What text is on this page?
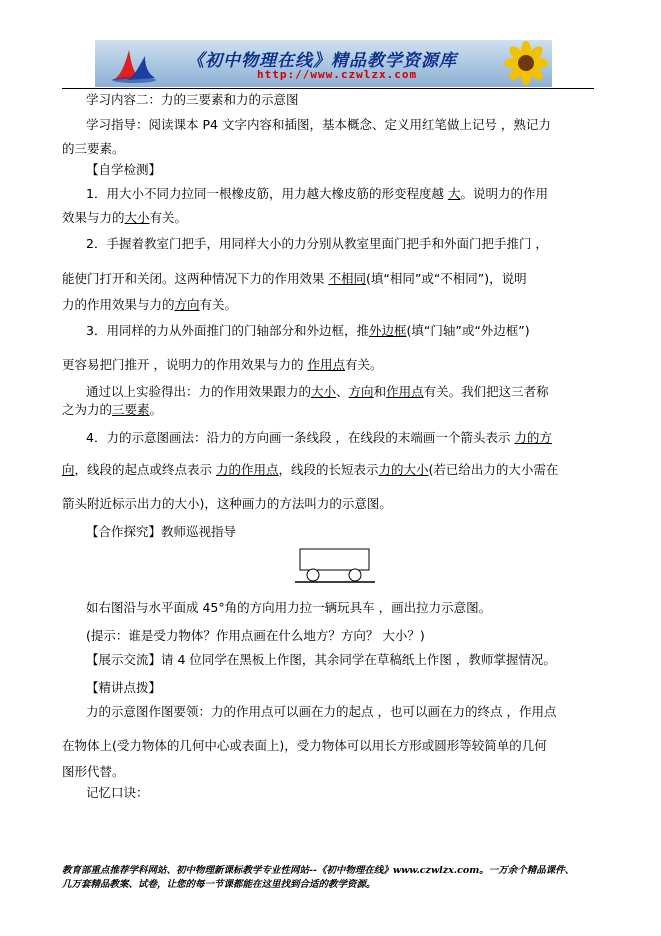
《初中物理在线》精品教学资源库
http://www.czwlzx.com
学习内容二：力的三要素和力的示意图
学习指导：阅读课本 P4 文字内容和插图，基本概念、定义用红笔做上记号 ，熟记力
的三要素。
【自学检测】
1．用大小不同力拉同一根橡皮筋，用力越大橡皮筋的形变程度越 大。说明力的作用
效果与力的大小有关。
2．手握着教室门把手，用同样大小的力分别从教室里面门把手和外面门把手推门 ，
能使门打开和关闭。这两种情况下力的作用效果 不相同(填“相同”或“不相同”)，说明
力的作用效果与力的方向有关。
3．用同样的力从外面推门的门轴部分和外边框，推外边框(填“门轴”或“外边框”)
更容易把门推开 ，说明力的作用效果与力的 作用点有关。
通过以上实验得出：力的作用效果跟力的大小、方向和作用点有关。我们把这三者称
之为力的三要素。
4．力的示意图画法：沿力的方向画一条线段 ，在线段的末端画一个箭头表示 力的方
向，线段的起点或终点表示 力的作用点，线段的长短表示力的大小(若已给出力的大小需在
箭头附近标示出力的大小)，这种画力的方法叫力的示意图。
【合作探究】教师巡视指导
如右图沿与水平面成 45°角的方向用力拉一辆玩具车 ，画出拉力示意图。
(提示：谁是受力物体？作用点画在什么地方？方向？ 大小？)
【展示交流】请 4 位同学在黑板上作图，其余同学在草稿纸上作图 ，教师掌握情况。
【精讲点拨】
力的示意图作图要领：力的作用点可以画在力的起点 ，也可以画在力的终点 ，作用点
在物体上(受力物体的几何中心或表面上)，受力物体可以用长方形或圆形等较简单的几何
图形代替。
记忆口诀：
教育部重点推荐学科网站、初中物理新课标教学专业性网站--《初中物理在线》www.czwlzx.com。一万余个精品课件、
几万套精品教案、试卷，让您的每一节课都能在这里找到合适的教学资源。
